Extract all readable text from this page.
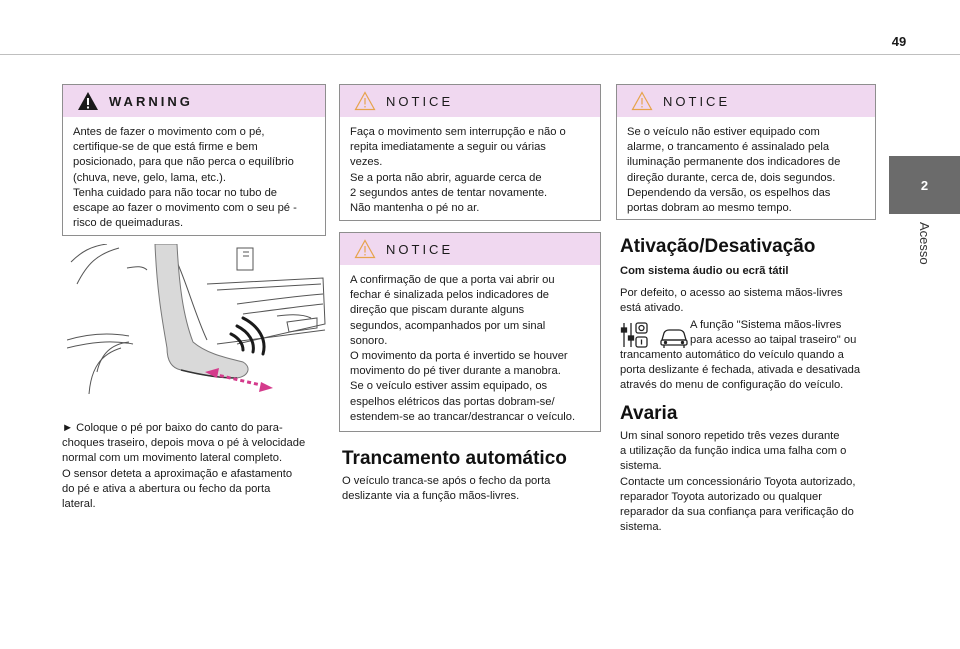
49
2
Acesso
WARNING

Antes de fazer o movimento com o pé,

certifique-se de que está firme e bem

posicionado, para que não perca o equilíbrio

(chuva, neve, gelo, lama, etc.).

Tenha cuidado para não tocar no tubo de

escape ao fazer o movimento com o seu pé -

risco de queimaduras.

► Coloque o pé por baixo do canto do para-

choques traseiro, depois mova o pé à velocidade

normal com um movimento lateral completo.

O sensor deteta a aproximação e afastamento

do pé e ativa a abertura ou fecho da porta

lateral.

NOTICE

Faça o movimento sem interrupção e não o

repita imediatamente a seguir ou várias

vezes.

Se a porta não abrir, aguarde cerca de

2 segundos antes de tentar novamente.

Não mantenha o pé no ar.

NOTICE

A confirmação de que a porta vai abrir ou

fechar é sinalizada pelos indicadores de

direção que piscam durante alguns

segundos, acompanhados por um sinal

sonoro.

O movimento da porta é invertido se houver

movimento do pé tiver durante a manobra.

Se o veículo estiver assim equipado, os

espelhos elétricos das portas dobram-se/

estendem-se ao trancar/destrancar o veículo.

Trancamento automático

O veículo tranca-se após o fecho da porta

deslizante via a função mãos-livres.

NOTICE

Se o veículo não estiver equipado com

alarme, o trancamento é assinalado pela

iluminação permanente dos indicadores de

direção durante, cerca de, dois segundos.

Dependendo da versão, os espelhos das

portas dobram ao mesmo tempo.

Ativação/Desativação
Com sistema áudio ou ecrã tátil

Por defeito, o acesso ao sistema mãos-livres

está ativado.

A função "Sistema mãos-livres

para acesso ao taipal traseiro" ou

trancamento automático do veículo quando a

porta deslizante é fechada, ativada e desativada

através do menu de configuração do veículo.

Avaria

Um sinal sonoro repetido três vezes durante

a utilização da função indica uma falha com o

sistema.

Contacte um concessionário Toyota autorizado,

reparador Toyota autorizado ou qualquer

reparador da sua confiança para verificação do

sistema.
